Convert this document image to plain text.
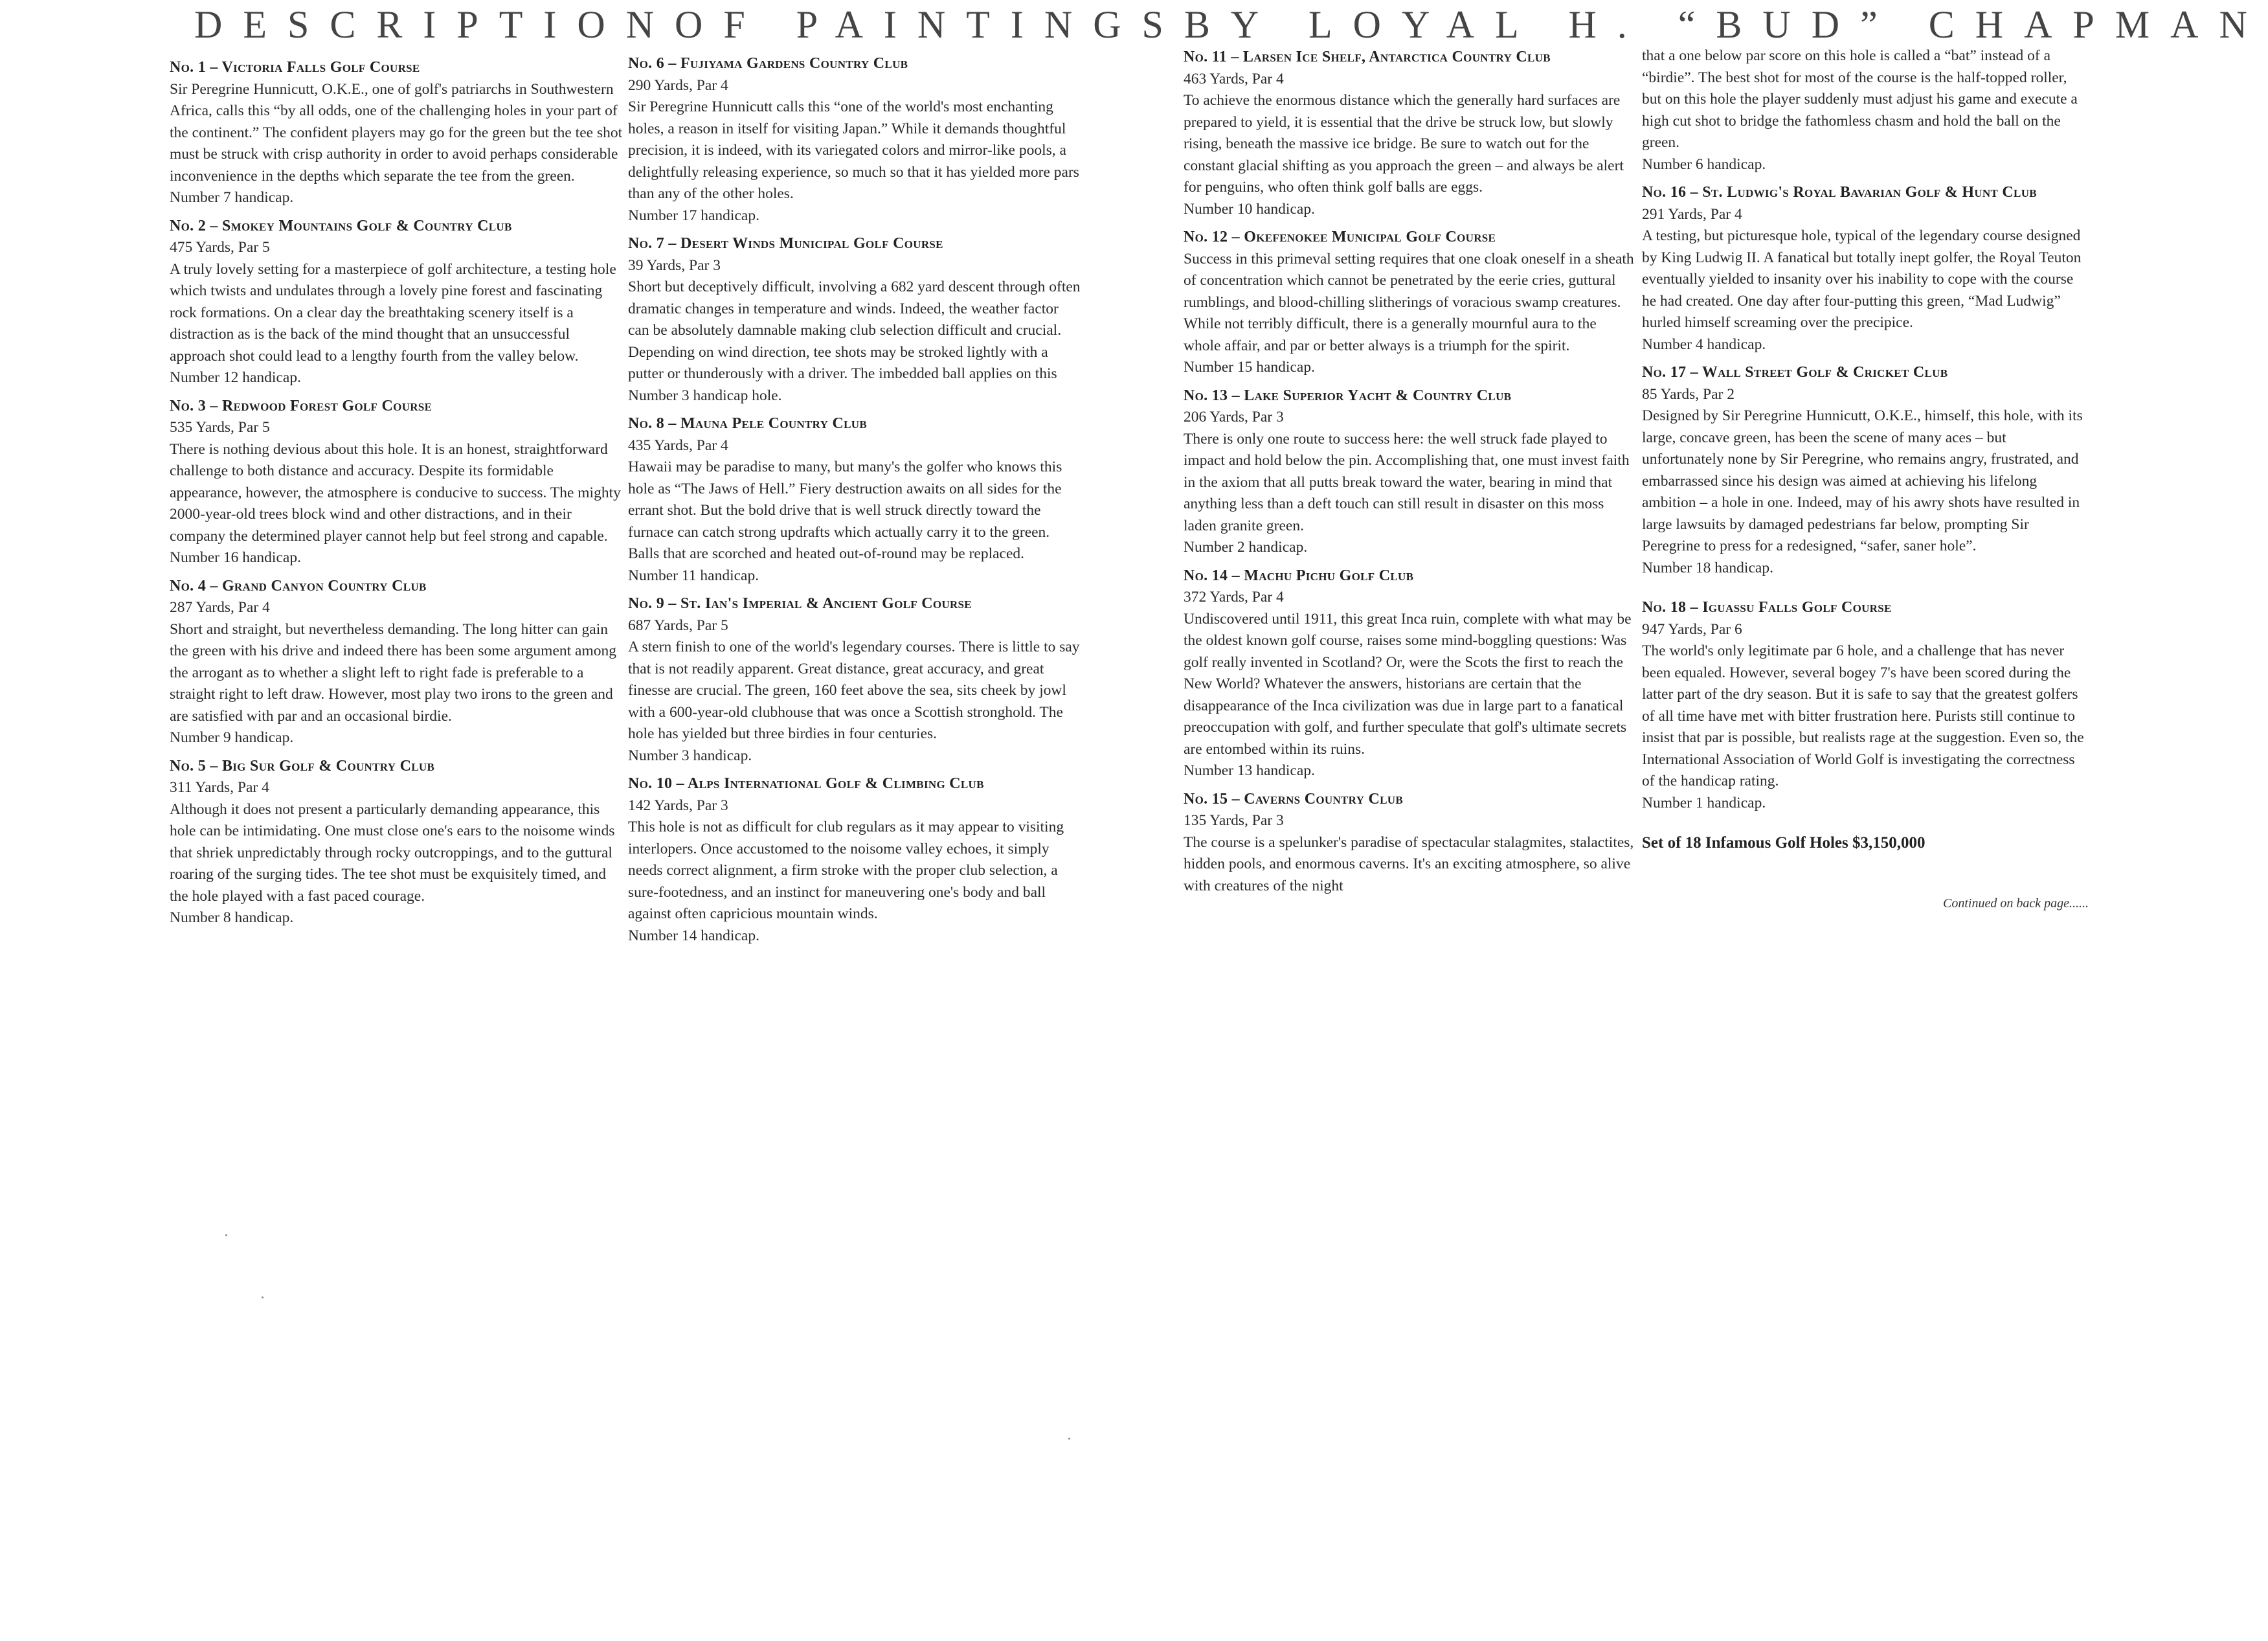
DESCRIPTION OF PAINTINGS BY LOYAL H. “BUD” CHAPMAN
No. 1 – Victoria Falls Golf Course
Sir Peregrine Hunnicutt, O.K.E., one of golf's patriarchs in Southwestern Africa, calls this “by all odds, one of the challenging holes in your part of the continent.” The confident players may go for the green but the tee shot must be struck with crisp authority in order to avoid perhaps considerable inconvenience in the depths which separate the tee from the green.
Number 7 handicap.
No. 2 – Smokey Mountains Golf & Country Club
475 Yards, Par 5
A truly lovely setting for a masterpiece of golf architecture, a testing hole which twists and undulates through a lovely pine forest and fascinating rock formations. On a clear day the breathtaking scenery itself is a distraction as is the back of the mind thought that an unsuccessful approach shot could lead to a lengthy fourth from the valley below.
Number 12 handicap.
No. 3 – Redwood Forest Golf Course
535 Yards, Par 5
There is nothing devious about this hole. It is an honest, straightforward challenge to both distance and accuracy. Despite its formidable appearance, however, the atmosphere is conducive to success. The mighty 2000-year-old trees block wind and other distractions, and in their company the determined player cannot help but feel strong and capable.
Number 16 handicap.
No. 4 – Grand Canyon Country Club
287 Yards, Par 4
Short and straight, but nevertheless demanding. The long hitter can gain the green with his drive and indeed there has been some argument among the arrogant as to whether a slight left to right fade is preferable to a straight right to left draw. However, most play two irons to the green and are satisfied with par and an occasional birdie.
Number 9 handicap.
No. 5 – Big Sur Golf & Country Club
311 Yards, Par 4
Although it does not present a particularly demanding appearance, this hole can be intimidating. One must close one's ears to the noisome winds that shriek unpredictably through rocky outcroppings, and to the guttural roaring of the surging tides. The tee shot must be exquisitely timed, and the hole played with a fast paced courage.
Number 8 handicap.
No. 6 – Fujiyama Gardens Country Club
290 Yards, Par 4
Sir Peregrine Hunnicutt calls this “one of the world's most enchanting holes, a reason in itself for visiting Japan.” While it demands thoughtful precision, it is indeed, with its variegated colors and mirror-like pools, a delightfully releasing experience, so much so that it has yielded more pars than any of the other holes.
Number 17 handicap.
No. 7 – Desert Winds Municipal Golf Course
39 Yards, Par 3
Short but deceptively difficult, involving a 682 yard descent through often dramatic changes in temperature and winds. Indeed, the weather factor can be absolutely damnable making club selection difficult and crucial. Depending on wind direction, tee shots may be stroked lightly with a putter or thunderously with a driver. The imbedded ball applies on this Number 3 handicap hole.
No. 8 – Mauna Pele Country Club
435 Yards, Par 4
Hawaii may be paradise to many, but many's the golfer who knows this hole as “The Jaws of Hell.” Fiery destruction awaits on all sides for the errant shot. But the bold drive that is well struck directly toward the furnace can catch strong updrafts which actually carry it to the green. Balls that are scorched and heated out-of-round may be replaced.
Number 11 handicap.
No. 9 – St. Ian's Imperial & Ancient Golf Course
687 Yards, Par 5
A stern finish to one of the world's legendary courses. There is little to say that is not readily apparent. Great distance, great accuracy, and great finesse are crucial. The green, 160 feet above the sea, sits cheek by jowl with a 600-year-old clubhouse that was once a Scottish stronghold. The hole has yielded but three birdies in four centuries.
Number 3 handicap.
No. 10 – Alps International Golf & Climbing Club
142 Yards, Par 3
This hole is not as difficult for club regulars as it may appear to visiting interlopers. Once accustomed to the noisome valley echoes, it simply needs correct alignment, a firm stroke with the proper club selection, a sure-footedness, and an instinct for maneuvering one's body and ball against often capricious mountain winds.
Number 14 handicap.
No. 11 – Larsen Ice Shelf, Antarctica Country Club
463 Yards, Par 4
To achieve the enormous distance which the generally hard surfaces are prepared to yield, it is essential that the drive be struck low, but slowly rising, beneath the massive ice bridge. Be sure to watch out for the constant glacial shifting as you approach the green – and always be alert for penguins, who often think golf balls are eggs.
Number 10 handicap.
No. 12 – Okefenokee Municipal Golf Course
Success in this primeval setting requires that one cloak oneself in a sheath of concentration which cannot be penetrated by the eerie cries, guttural rumblings, and blood-chilling slitherings of voracious swamp creatures. While not terribly difficult, there is a generally mournful aura to the whole affair, and par or better always is a triumph for the spirit.
Number 15 handicap.
No. 13 – Lake Superior Yacht & Country Club
206 Yards, Par 3
There is only one route to success here: the well struck fade played to impact and hold below the pin. Accomplishing that, one must invest faith in the axiom that all putts break toward the water, bearing in mind that anything less than a deft touch can still result in disaster on this moss laden granite green.
Number 2 handicap.
No. 14 – Machu Pichu Golf Club
372 Yards, Par 4
Undiscovered until 1911, this great Inca ruin, complete with what may be the oldest known golf course, raises some mind-boggling questions: Was golf really invented in Scotland? Or, were the Scots the first to reach the New World? Whatever the answers, historians are certain that the disappearance of the Inca civilization was due in large part to a fanatical preoccupation with golf, and further speculate that golf's ultimate secrets are entombed within its ruins.
Number 13 handicap.
No. 15 – Caverns Country Club
135 Yards, Par 3
The course is a spelunker's paradise of spectacular stalagmites, stalactites, hidden pools, and enormous caverns. It's an exciting atmosphere, so alive with creatures of the night
that a one below par score on this hole is called a “bat” instead of a “birdie”. The best shot for most of the course is the half-topped roller, but on this hole the player suddenly must adjust his game and execute a high cut shot to bridge the fathomless chasm and hold the ball on the green.
Number 6 handicap.
No. 16 – St. Ludwig's Royal Bavarian Golf & Hunt Club
291 Yards, Par 4
A testing, but picturesque hole, typical of the legendary course designed by King Ludwig II. A fanatical but totally inept golfer, the Royal Teuton eventually yielded to insanity over his inability to cope with the course he had created. One day after four-putting this green, “Mad Ludwig” hurled himself screaming over the precipice.
Number 4 handicap.
No. 17 – Wall Street Golf & Cricket Club
85 Yards, Par 2
Designed by Sir Peregrine Hunnicutt, O.K.E., himself, this hole, with its large, concave green, has been the scene of many aces – but unfortunately none by Sir Peregrine, who remains angry, frustrated, and embarrassed since his design was aimed at achieving his lifelong ambition – a hole in one. Indeed, may of his awry shots have resulted in large lawsuits by damaged pedestrians far below, prompting Sir Peregrine to press for a redesigned, “safer, saner hole”.
Number 18 handicap.
No. 18 – Iguassu Falls Golf Course
947 Yards, Par 6
The world's only legitimate par 6 hole, and a challenge that has never been equaled. However, several bogey 7's have been scored during the latter part of the dry season. But it is safe to say that the greatest golfers of all time have met with bitter frustration here. Purists still continue to insist that par is possible, but realists rage at the suggestion. Even so, the International Association of World Golf is investigating the correctness of the handicap rating.
Number 1 handicap.
Set of 18 Infamous Golf Holes $3,150,000
Continued on back page......
